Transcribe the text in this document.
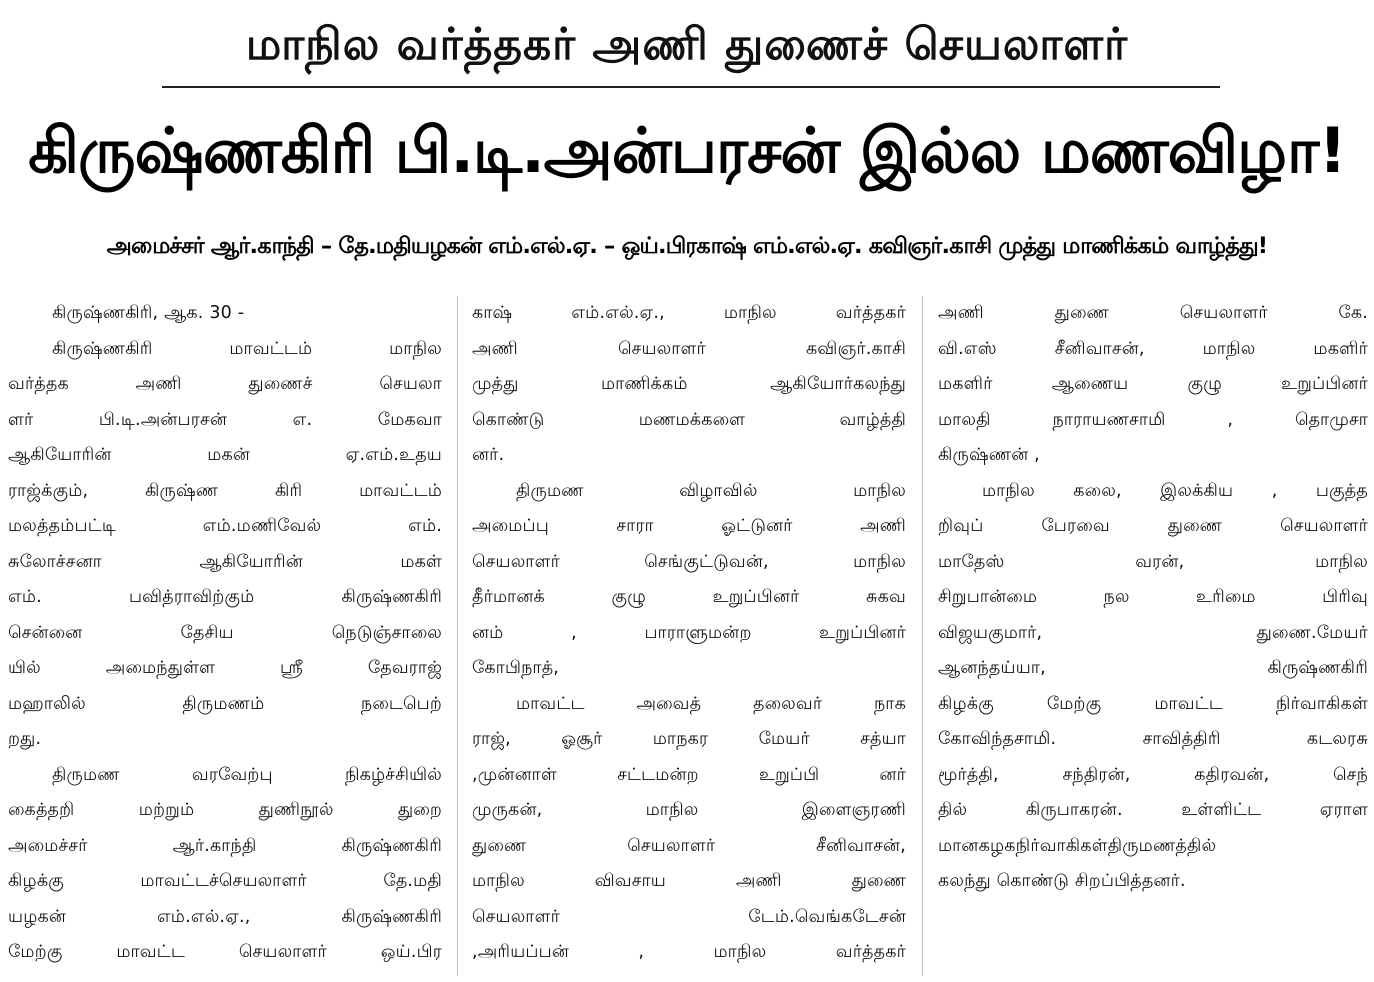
மாநில வர்த்தகர் அணி துணைச் செயலாளர்
கிருஷ்ணகிரி பி.டி.அன்பரசன் இல்ல மணவிழா!
அமைச்சர் ஆர்.காந்தி – தே.மதியழகன் எம்.எல்.ஏ. – ஒய்.பிரகாஷ் எம்.எல்.ஏ. கவிஞர்.காசி முத்து மாணிக்கம் வாழ்த்து!
கிருஷ்ணகிரி, ஆக. 30 -
கிருஷ்ணகிரி மாவட்டம் மாநில
வர்த்தக அணி துணைச் செயலா
ளர் பி.டி.அன்பரசன் எ. மேகவா
ஆகியோரின் மகன் ஏ.எம்.உதய
ராஜ்க்கும், கிருஷ்ண கிரி மாவட்டம்
மலத்தம்பட்டி எம்.மணிவேல் எம்.
சுலோச்சனா ஆகியோரின் மகள்
எம். பவித்ராவிற்கும் கிருஷ்ணகிரி
சென்னை தேசிய நெடுஞ்சாலை
யில் அமைந்துள்ள ஸ்ரீ தேவராஜ்
மஹாலில் திருமணம் நடைபெற்
றது.
திருமண வரவேற்பு நிகழ்ச்சியில்
கைத்தறி மற்றும் துணிநூல் துறை
அமைச்சர் ஆர்.காந்தி கிருஷ்ணகிரி
கிழக்கு மாவட்டச்செயலாளர் தே.மதி
யழகன் எம்.எல்.ஏ., கிருஷ்ணகிரி
மேற்கு மாவட்ட செயலாளர் ஒய்.பிர
காஷ் எம்.எல்.ஏ., மாநில வர்த்தகர்
அணி செயலாளர் கவிஞர்.காசி
முத்து மாணிக்கம் ஆகியோர்கலந்து
கொண்டு மணமக்களை வாழ்த்தி
னர்.
திருமண விழாவில் மாநில
அமைப்பு சாரா ஓட்டுனர் அணி
செயலாளர் செங்குட்டுவன், மாநில
தீர்மானக் குழு உறுப்பினர் சுகவ
னம் , பாராளுமன்ற உறுப்பினர்
கோபிநாத்,
மாவட்ட அவைத் தலைவர் நாக
ராஜ், ஓசூர் மாநகர மேயர் சத்யா
,முன்னாள் சட்டமன்ற உறுப்பி னர்
முருகன், மாநில இளைஞரணி
துணை செயலாளர் சீனிவாசன்,
மாநில விவசாய அணி துணை
செயலாளர் டேம்.வெங்கடேசன்
,அரியப்பன் , மாநில வர்த்தகர்
அணி துணை செயலாளர் கே.
வி.எஸ் சீனிவாசன், மாநில மகளிர்
மகளிர் ஆணைய குழு உறுப்பினர்
மாலதி நாராயணசாமி , தொமுசா
கிருஷ்ணன் ,
மாநில கலை, இலக்கிய , பகுத்த
றிவுப் பேரவை துணை செயலாளர்
மாதேஸ் வரன், மாநில
சிறுபான்மை நல உரிமை பிரிவு
விஜயகுமார், துணை.மேயர்
ஆனந்தய்யா, கிருஷ்ணகிரி
கிழக்கு மேற்கு மாவட்ட நிர்வாகிகள்
கோவிந்தசாமி. சாவித்திரி கடலரசு
மூர்த்தி, சந்திரன், கதிரவன், செந்
தில் கிருபாகரன். உள்ளிட்ட ஏராள
மானகழகநிர்வாகிகள்திருமணத்தில்
கலந்து கொண்டு சிறப்பித்தனர்.
